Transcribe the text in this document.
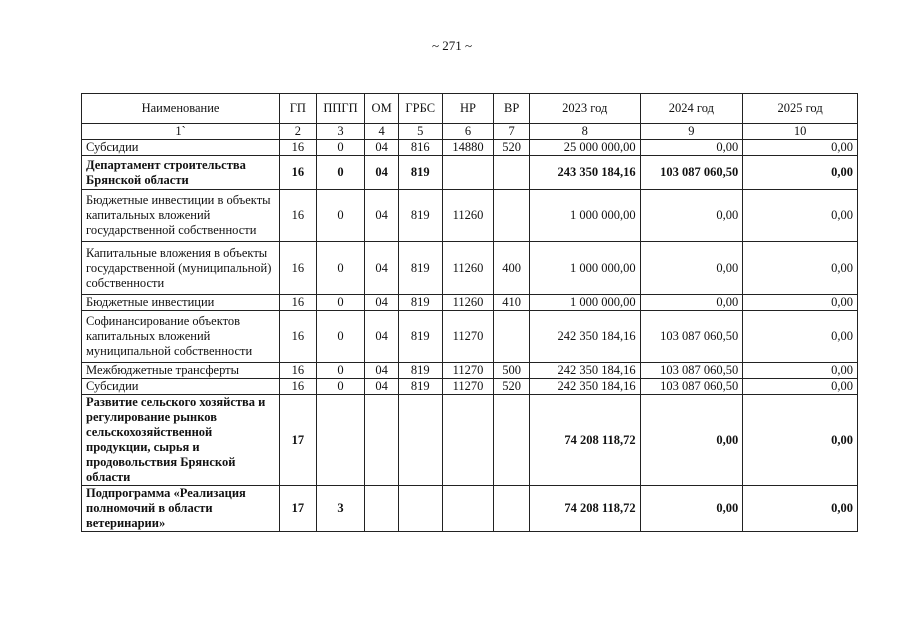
~ 271 ~
Наименование	ГП	ППГП	ОМ	ГРБС	НР	ВР	2023 год	2024 год	2025 год
1`	2	3	4	5	6	7	8	9	10
Субсидии	16	0	04	816	14880	520	25 000 000,00	0,00	0,00
Департамент строительства Брянской области	16	0	04	819			243 350 184,16	103 087 060,50	0,00
Бюджетные инвестиции в объекты капитальных вложений государственной собственности	16	0	04	819	11260		1 000 000,00	0,00	0,00
Капитальные вложения в объекты государственной (муниципальной) собственности	16	0	04	819	11260	400	1 000 000,00	0,00	0,00
Бюджетные инвестиции	16	0	04	819	11260	410	1 000 000,00	0,00	0,00
Софинансирование объектов капитальных вложений муниципальной собственности	16	0	04	819	11270		242 350 184,16	103 087 060,50	0,00
Межбюджетные трансферты	16	0	04	819	11270	500	242 350 184,16	103 087 060,50	0,00
Субсидии	16	0	04	819	11270	520	242 350 184,16	103 087 060,50	0,00
Развитие сельского хозяйства и регулирование рынков сельскохозяйственной продукции, сырья и продовольствия Брянской области	17						74 208 118,72	0,00	0,00
Подпрограмма «Реализация полномочий в области ветеринарии»	17	3					74 208 118,72	0,00	0,00
